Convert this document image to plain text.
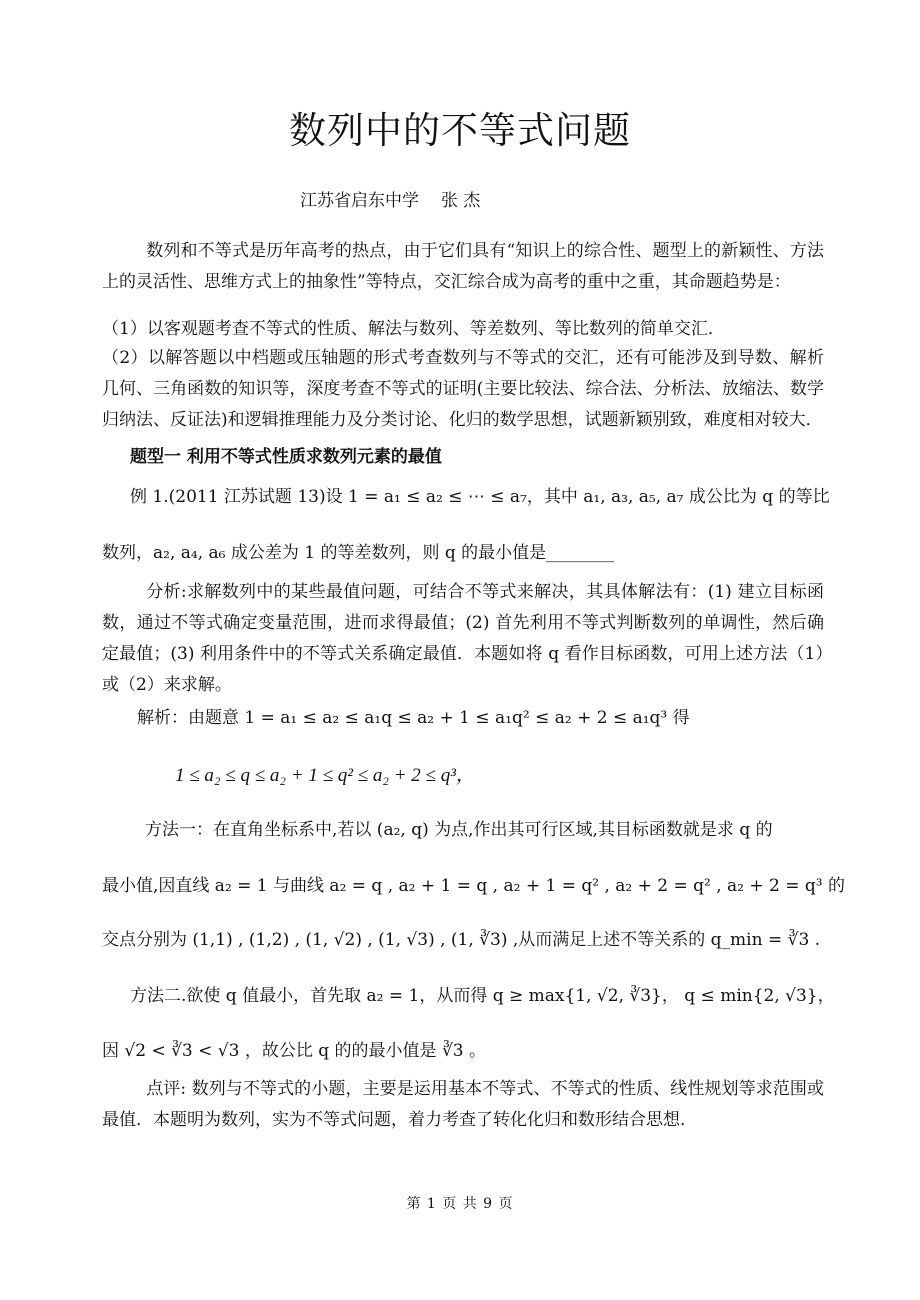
数列中的不等式问题
江苏省启东中学 张 杰
数列和不等式是历年高考的热点，由于它们具有“知识上的综合性、题型上的新颖性、方法上的灵活性、思维方式上的抽象性”等特点，交汇综合成为高考的重中之重，其命题趋势是：
（1）以客观题考查不等式的性质、解法与数列、等差数列、等比数列的简单交汇．
（2）以解答题以中档题或压轴题的形式考查数列与不等式的交汇，还有可能涉及到导数、解析几何、三角函数的知识等，深度考查不等式的证明(主要比较法、综合法、分析法、放缩法、数学归纳法、反证法)和逻辑推理能力及分类讨论、化归的数学思想，试题新颖别致，难度相对较大．
题型一 利用不等式性质求数列元素的最值
例 1.(2011 江苏试题 13)设 1 = a₁ ≤ a₂ ≤ ⋯ ≤ a₇，其中 a₁, a₃, a₅, a₇ 成公比为 q 的等比
数列，a₂, a₄, a₆ 成公差为 1 的等差数列，则 q 的最小值是________
分析:求解数列中的某些最值问题，可结合不等式来解决，其具体解法有：(1) 建立目标函数，通过不等式确定变量范围，进而求得最值；(2) 首先利用不等式判断数列的单调性，然后确定最值；(3) 利用条件中的不等式关系确定最值．本题如将 q 看作目标函数，可用上述方法（1）或（2）来求解。
解析：由题意 1 = a₁ ≤ a₂ ≤ a₁q ≤ a₂ + 1 ≤ a₁q² ≤ a₂ + 2 ≤ a₁q³ 得
1 ≤ a₂ ≤ q ≤ a₂ + 1 ≤ q² ≤ a₂ + 2 ≤ q³，
方法一：在直角坐标系中,若以 (a₂, q) 为点,作出其可行区域,其目标函数就是求 q 的
最小值,因直线 a₂ = 1 与曲线 a₂ = q , a₂ + 1 = q , a₂ + 1 = q² , a₂ + 2 = q² , a₂ + 2 = q³ 的
交点分别为 (1,1) , (1,2) , (1, √2) , (1, √3) , (1, ∛3) ,从而满足上述不等关系的 q_min = ∛3 .
方法二.欲使 q 值最小，首先取 a₂ = 1，从而得 q ≥ max{1, √2, ∛3}， q ≤ min{2, √3}，
因 √2 < ∛3 < √3 ，故公比 q 的的最小值是 ∛3 。
点评: 数列与不等式的小题，主要是运用基本不等式、不等式的性质、线性规划等求范围或最值．本题明为数列，实为不等式问题，着力考查了转化化归和数形结合思想．
第 1 页 共 9 页
